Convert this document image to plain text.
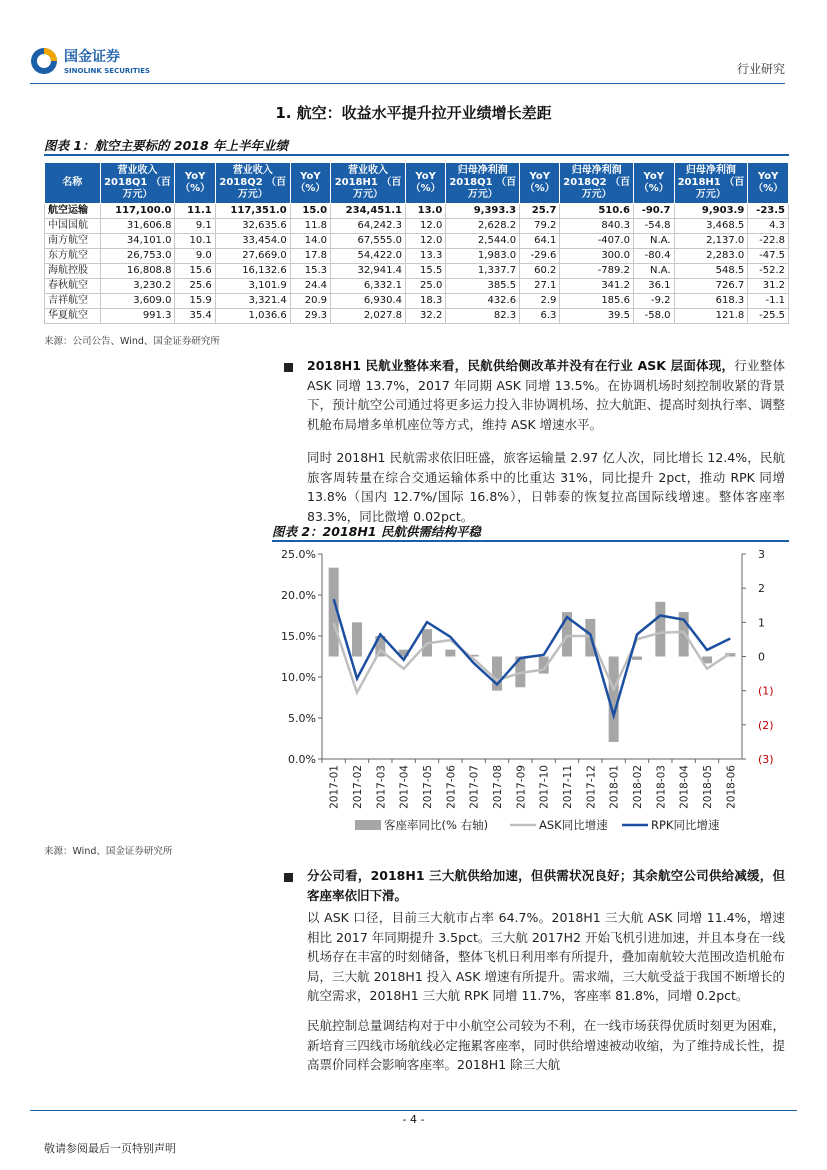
国金证券
SINOLINK SECURITIES	行业研究
1. 航空：收益水平提升拉开业绩增长差距
图表 1：航空主要标的 2018 年上半年业绩
名称	营业收入 2018Q1 （百万元）	YoY （%）	营业收入 2018Q2 （百万元）	YoY （%）	营业收入 2018H1 （百万元）	YoY （%）	归母净利润 2018Q1 （百万元）	YoY （%）	归母净利润 2018Q2 （百万元）	YoY （%）	归母净利润 2018H1 （百万元）	YoY （%）
航空运输	117,100.0	11.1	117,351.0	15.0	234,451.1	13.0	9,393.3	25.7	510.6	-90.7	9,903.9	-23.5
中国国航	31,606.8	9.1	32,635.6	11.8	64,242.3	12.0	2,628.2	79.2	840.3	-54.8	3,468.5	4.3
南方航空	34,101.0	10.1	33,454.0	14.0	67,555.0	12.0	2,544.0	64.1	-407.0	N.A.	2,137.0	-22.8
东方航空	26,753.0	9.0	27,669.0	17.8	54,422.0	13.3	1,983.0	-29.6	300.0	-80.4	2,283.0	-47.5
海航控股	16,808.8	15.6	16,132.6	15.3	32,941.4	15.5	1,337.7	60.2	-789.2	N.A.	548.5	-52.2
春秋航空	3,230.2	25.6	3,101.9	24.4	6,332.1	25.0	385.5	27.1	341.2	36.1	726.7	31.2
吉祥航空	3,609.0	15.9	3,321.4	20.9	6,930.4	18.3	432.6	2.9	185.6	-9.2	618.3	-1.1
华夏航空	991.3	35.4	1,036.6	29.3	2,027.8	32.2	82.3	6.3	39.5	-58.0	121.8	-25.5
来源：公司公告、Wind、国金证券研究所
2018H1 民航业整体来看，民航供给侧改革并没有在行业 ASK 层面体现，行业整体 ASK 同增 13.7%，2017 年同期 ASK 同增 13.5%。在协调机场时刻控制收紧的背景下，预计航空公司通过将更多运力投入非协调机场、拉大航距、提高时刻执行率、调整机舱布局增多单机座位等方式，维持 ASK 增速水平。
同时 2018H1 民航需求依旧旺盛，旅客运输量 2.97 亿人次，同比增长 12.4%，民航旅客周转量在综合交通运输体系中的比重达 31%，同比提升 2pct，推动 RPK 同增 13.8%（国内 12.7%/国际 16.8%），日韩泰的恢复拉高国际线增速。整体客座率 83.3%，同比微增 0.02pct。
图表 2：2018H1 民航供需结构平稳
0.0%
5.0%
10.0%
15.0%
20.0%
25.0%
(3)
(2)
(1)
0
1
2
3
2017-01 2017-02 2017-03 2017-04 2017-05 2017-06 2017-07 2017-08 2017-09 2017-10 2017-11 2017-12 2018-01 2018-02 2018-03 2018-04 2018-05 2018-06
客座率同比(% 右轴)	ASK同比增速	RPK同比增速
来源：Wind、国金证券研究所
分公司看，2018H1 三大航供给加速，但供需状况良好；其余航空公司供给减缓，但客座率依旧下滑。
以 ASK 口径，目前三大航市占率 64.7%。2018H1 三大航 ASK 同增 11.4%，增速相比 2017 年同期提升 3.5pct。三大航 2017H2 开始飞机引进加速，并且本身在一线机场存在丰富的时刻储备，整体飞机日利用率有所提升，叠加南航较大范围改造机舱布局，三大航 2018H1 投入 ASK 增速有所提升。需求端，三大航受益于我国不断增长的航空需求，2018H1 三大航 RPK 同增 11.7%，客座率 81.8%，同增 0.2pct。
民航控制总量调结构对于中小航空公司较为不利，在一线市场获得优质时刻更为困难，新培育三四线市场航线必定拖累客座率，同时供给增速被动收缩，为了维持成长性，提高票价同样会影响客座率。2018H1 除三大航
- 4 -
敬请参阅最后一页特别声明
